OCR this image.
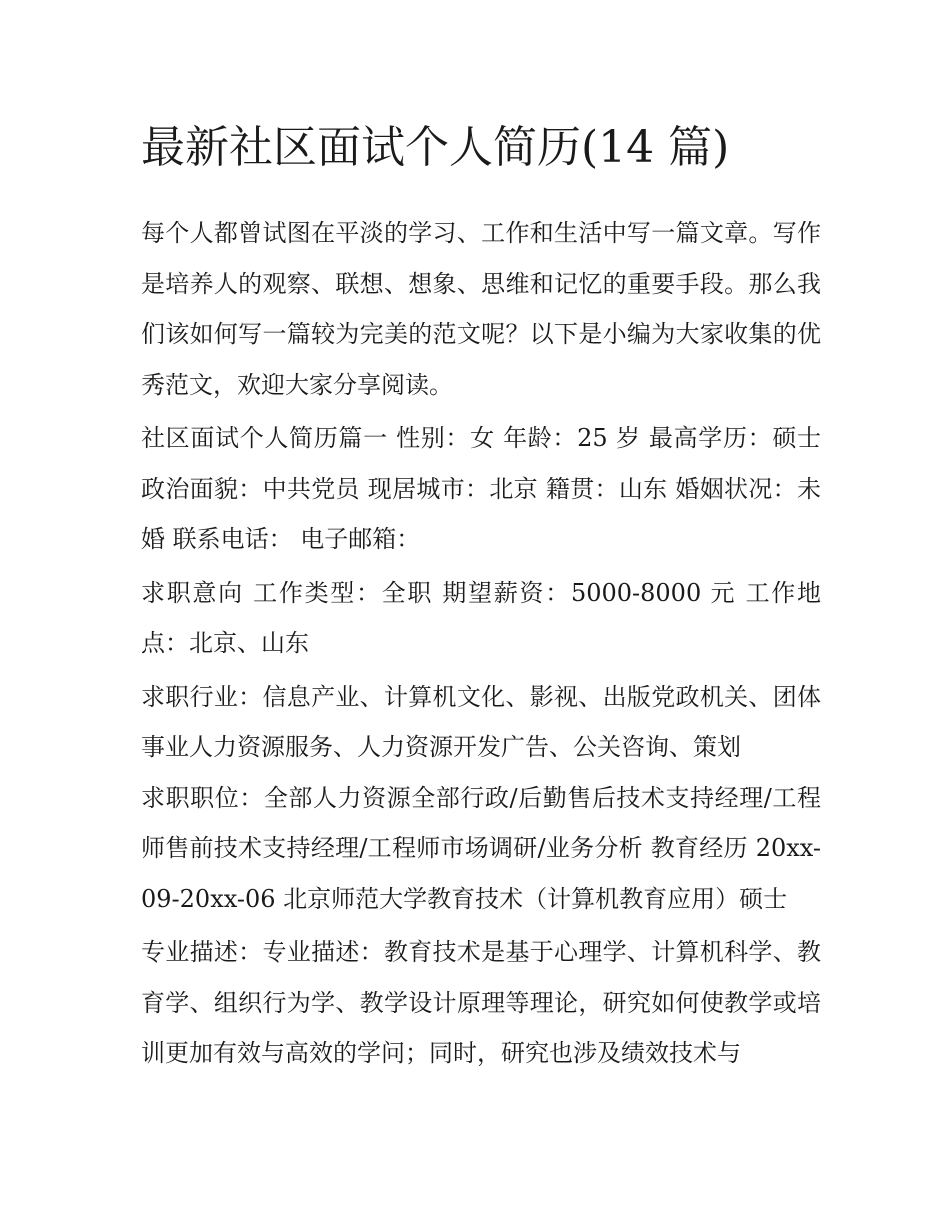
最新社区面试个人简历(14 篇)

每个人都曾试图在平淡的学习、工作和生活中写一篇文章。写作是培养人的观察、联想、想象、思维和记忆的重要手段。那么我们该如何写一篇较为完美的范文呢？以下是小编为大家收集的优秀范文，欢迎大家分享阅读。

社区面试个人简历篇一 性别：女 年龄：25 岁 最高学历：硕士政治面貌：中共党员 现居城市：北京 籍贯：山东 婚姻状况：未婚 联系电话： 电子邮箱：

求职意向 工作类型：全职 期望薪资：5000-8000 元 工作地点：北京、山东

求职行业：信息产业、计算机文化、影视、出版党政机关、团体事业人力资源服务、人力资源开发广告、公关咨询、策划

求职职位：全部人力资源全部行政/后勤售后技术支持经理/工程师售前技术支持经理/工程师市场调研/业务分析 教育经历 20xx-09-20xx-06 北京师范大学教育技术（计算机教育应用）硕士

专业描述：专业描述：教育技术是基于心理学、计算机科学、教育学、组织行为学、教学设计原理等理论，研究如何使教学或培训更加有效与高效的学问；同时，研究也涉及绩效技术与
